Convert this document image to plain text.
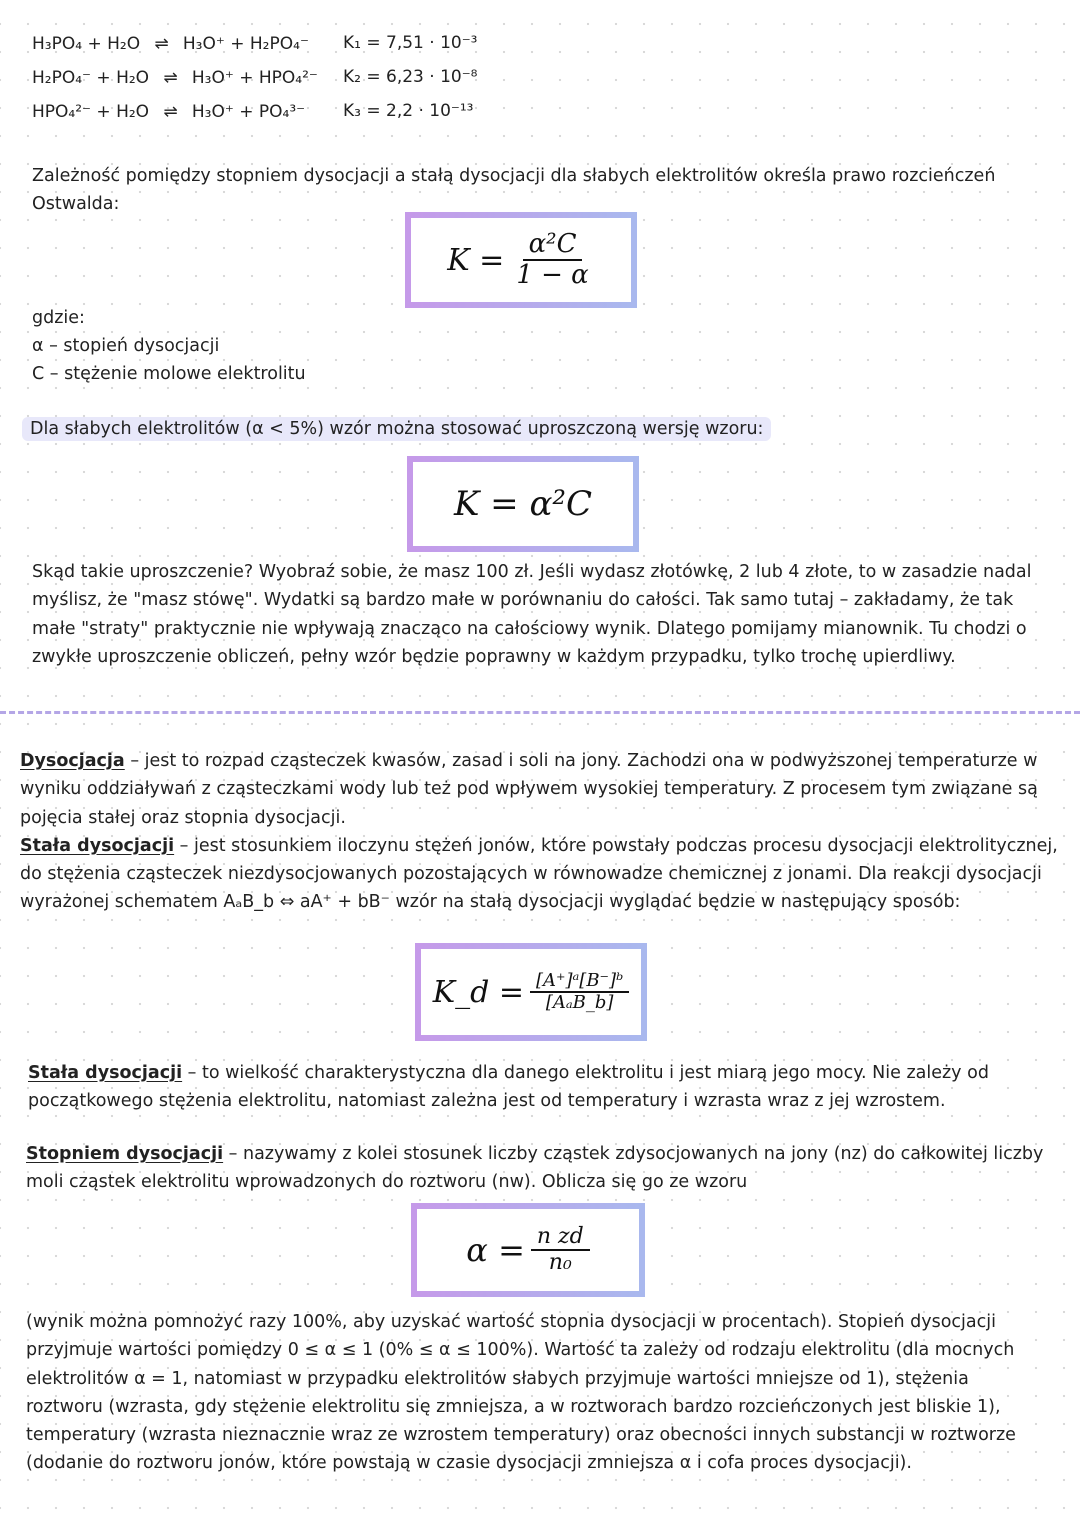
H₃PO₄ + H₂O ⇌ H₃O⁺ + H₂PO₄⁻ K₁ = 7,51 · 10⁻³
H₂PO₄⁻ + H₂O ⇌ H₃O⁺ + HPO₄²⁻ K₂ = 6,23 · 10⁻⁸
HPO₄²⁻ + H₂O ⇌ H₃O⁺ + PO₄³⁻ K₃ = 2,2 · 10⁻¹³
Zależność pomiędzy stopniem dysocjacji a stałą dysocjacji dla słabych elektrolitów określa prawo rozcieńczeń Ostwalda:
$K = \frac{\text{α²C}}{1 - \alpha}$
gdzie:
α – stopień dysocjacji
C – stężenie molowe elektrolitu
Dla słabych elektrolitów (α < 5%) wzór można stosować uproszczoną wersję wzoru:
K = α²C
Skąd takie uproszczenie? Wyobraź sobie, że masz 100 zł. Jeśli wydasz złotówkę, 2 lub 4 złote, to w zasadzie nadal myślisz, że "masz stówę". Wydatki są bardzo małe w porównaniu do całości. Tak samo tutaj – zakładamy, że tak małe "straty" praktycznie nie wpływają znacząco na całościowy wynik. Dlatego pomijamy mianownik. Tu chodzi o zwykłe uproszczenie obliczeń, pełny wzór będzie poprawny w każdym przypadku, tylko trochę upierdliwy.
Dysocjacja – jest to rozpad cząsteczek kwasów, zasad i soli na jony. Zachodzi ona w podwyższonej temperaturze w wyniku oddziaływań z cząsteczkami wody lub też pod wpływem wysokiej temperatury. Z procesem tym związane są pojęcia stałej oraz stopnia dysocjacji.
Stała dysocjacji – jest stosunkiem iloczynu stężeń jonów, które powstały podczas procesu dysocjacji elektrolitycznej, do stężenia cząsteczek niezdysocjowanych pozostających w równowadze chemicznej z jonami. Dla reakcji dysocjacji wyrażonej schematem AₐB_b ⇔ aA⁺ + bB⁻ wzór na stałą dysocjacji wyglądać będzie w następujący sposób:
K_d = $\frac{\text{[A⁺]ᵃ[B⁻]ᵇ}}{\text{[AₐB\_b]}}$
Stała dysocjacji – to wielkość charakterystyczna dla danego elektrolitu i jest miarą jego mocy. Nie zależy od początkowego stężenia elektrolitu, natomiast zależna jest od temperatury i wzrasta wraz z jej wzrostem.
Stopniem dysocjacji – nazywamy z kolei stosunek liczby cząstek zdysocjowanych na jony (nz) do całkowitej liczby moli cząstek elektrolitu wprowadzonych do roztworu (nw). Oblicza się go ze wzoru
$\alpha = \frac{\text{n zd}}{\text{n₀}}$
(wynik można pomnożyć razy 100%, aby uzyskać wartość stopnia dysocjacji w procentach). Stopień dysocjacji przyjmuje wartości pomiędzy 0 ≤ α ≤ 1 (0% ≤ α ≤ 100%). Wartość ta zależy od rodzaju elektrolitu (dla mocnych elektrolitów α = 1, natomiast w przypadku elektrolitów słabych przyjmuje wartości mniejsze od 1), stężenia roztworu (wzrasta, gdy stężenie elektrolitu się zmniejsza, a w roztworach bardzo rozcieńczonych jest bliskie 1), temperatury (wzrasta nieznacznie wraz ze wzrostem temperatury) oraz obecności innych substancji w roztworze (dodanie do roztworu jonów, które powstają w czasie dysocjacji zmniejsza α i cofa proces dysocjacji).
